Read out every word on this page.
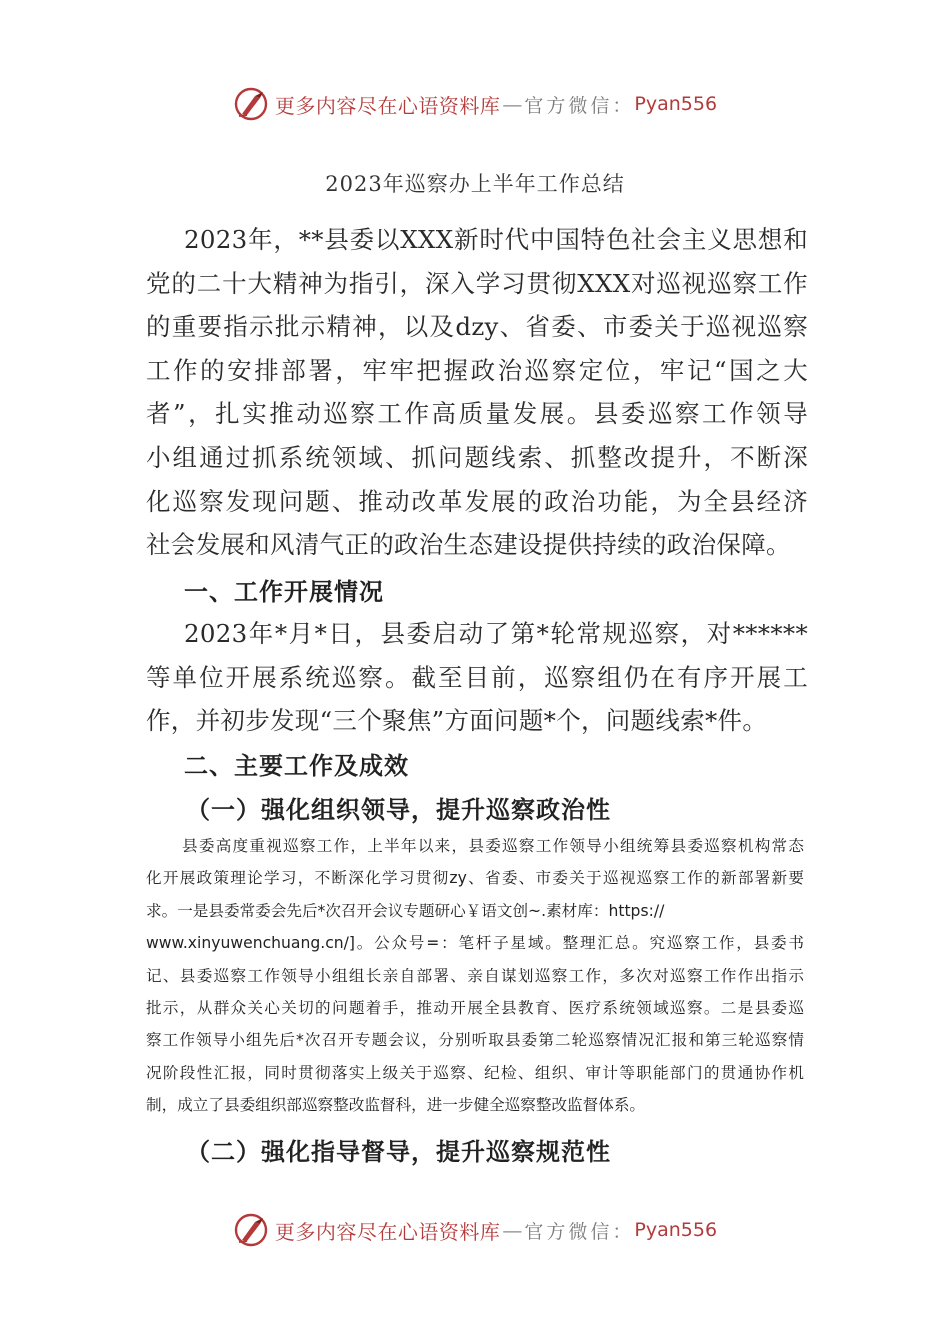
更多内容尽在心语资料库 — 官方微信： Pyan556
2023年巡察办上半年工作总结
2023年，**县委以XXX新时代中国特色社会主义思想和
党的二十大精神为指引，深入学习贯彻XXX对巡视巡察工作
的重要指示批示精神，以及dzy、省委、市委关于巡视巡察
工作的安排部署，牢牢把握政治巡察定位，牢记“国之大
者”，扎实推动巡察工作高质量发展。县委巡察工作领导
小组通过抓系统领域、抓问题线索、抓整改提升，不断深
化巡察发现问题、推动改革发展的政治功能，为全县经济
社会发展和风清气正的政治生态建设提供持续的政治保障。
一、工作开展情况
2023年*月*日，县委启动了第*轮常规巡察，对******
等单位开展系统巡察。截至目前，巡察组仍在有序开展工
作，并初步发现“三个聚焦”方面问题*个，问题线索*件。
二、主要工作及成效
（一）强化组织领导，提升巡察政治性
县委高度重视巡察工作，上半年以来，县委巡察工作领导小组统筹县委巡察机构常态
化开展政策理论学习，不断深化学习贯彻zy、省委、市委关于巡视巡察工作的新部署新要
求。一是县委常委会先后*次召开会议专题研心￥语文创~.素材库：https://
www.xinyuwenchuang.cn/]。公众号=：笔杆子星域。整理汇总。究巡察工作，县委书
记、县委巡察工作领导小组组长亲自部署、亲自谋划巡察工作，多次对巡察工作作出指示
批示，从群众关心关切的问题着手，推动开展全县教育、医疗系统领域巡察。二是县委巡
察工作领导小组先后*次召开专题会议，分别听取县委第二轮巡察情况汇报和第三轮巡察情
况阶段性汇报，同时贯彻落实上级关于巡察、纪检、组织、审计等职能部门的贯通协作机
制，成立了县委组织部巡察整改监督科，进一步健全巡察整改监督体系。
（二）强化指导督导，提升巡察规范性
更多内容尽在心语资料库 — 官方微信： Pyan556
